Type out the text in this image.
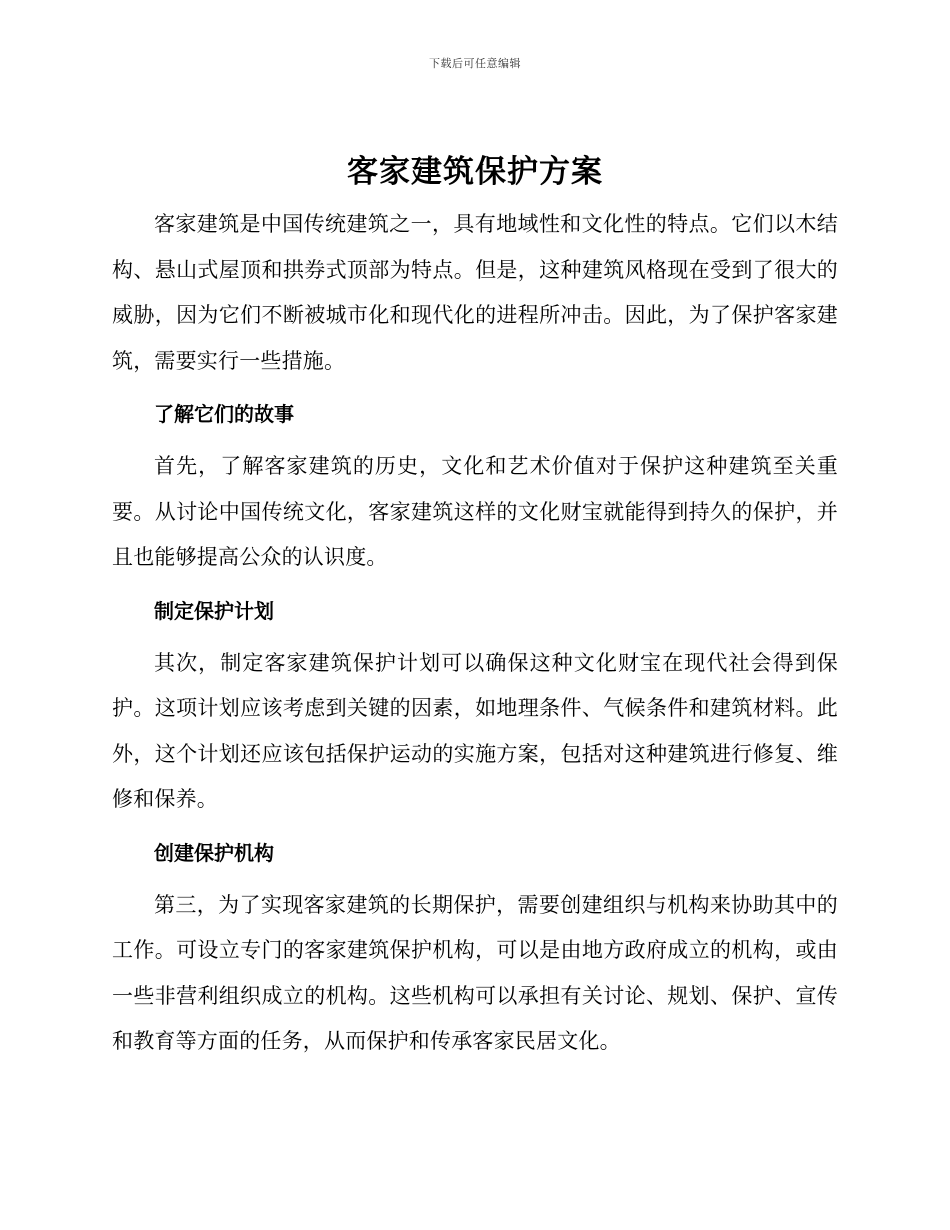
下载后可任意编辑
客家建筑保护方案

客家建筑是中国传统建筑之一，具有地域性和文化性的特点。它们以木结构、悬山式屋顶和拱券式顶部为特点。但是，这种建筑风格现在受到了很大的威胁，因为它们不断被城市化和现代化的进程所冲击。因此，为了保护客家建筑，需要实行一些措施。

了解它们的故事

首先，了解客家建筑的历史，文化和艺术价值对于保护这种建筑至关重要。从讨论中国传统文化，客家建筑这样的文化财宝就能得到持久的保护，并且也能够提高公众的认识度。

制定保护计划

其次，制定客家建筑保护计划可以确保这种文化财宝在现代社会得到保护。这项计划应该考虑到关键的因素，如地理条件、气候条件和建筑材料。此外，这个计划还应该包括保护运动的实施方案，包括对这种建筑进行修复、维修和保养。

创建保护机构

第三，为了实现客家建筑的长期保护，需要创建组织与机构来协助其中的工作。可设立专门的客家建筑保护机构，可以是由地方政府成立的机构，或由一些非营利组织成立的机构。这些机构可以承担有关讨论、规划、保护、宣传和教育等方面的任务，从而保护和传承客家民居文化。
